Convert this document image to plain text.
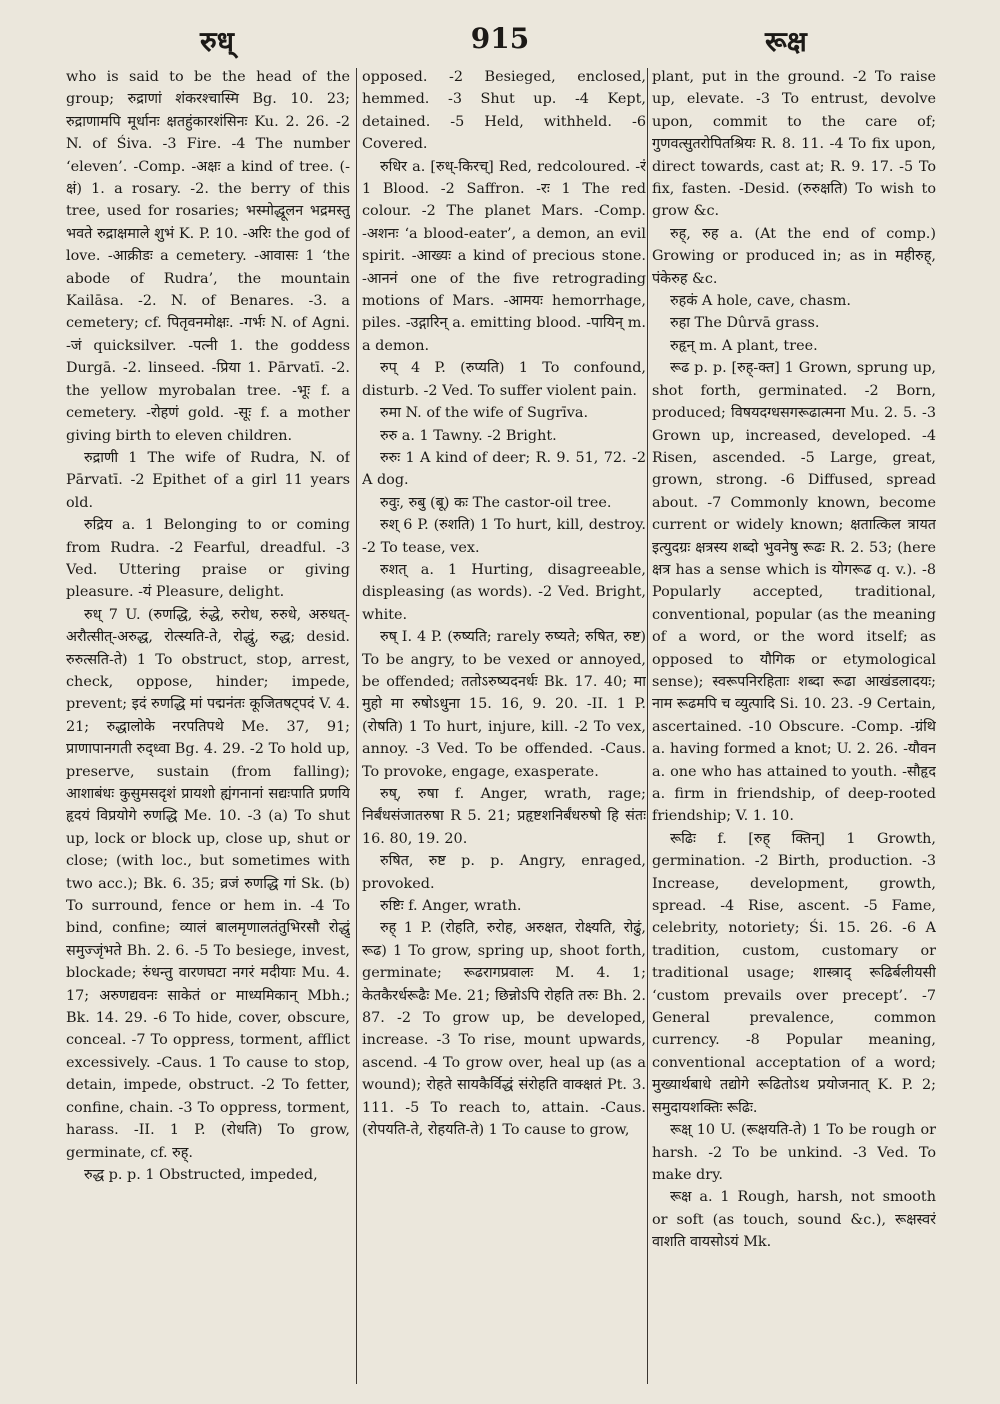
रुध्	915	रूक्ष

who is said to be the head of the group; रुद्राणां शंकरश्चास्मि Bg. 10. 23; रुद्राणामपि मूर्धानः क्षतहुंकारशंसिनः Ku. 2. 26. -2 N. of Śiva. -3 Fire. -4 The number ‘eleven’. -Comp. -अक्षः a kind of tree. (-क्षं) 1. a rosary. -2. the berry of this tree, used for rosaries; भस्मोद्धूलन भद्रमस्तु भवते रुद्राक्षमाले शुभं K. P. 10. -अरिः the god of love. -आक्रीडः a cemetery. -आवासः 1 ‘the abode of Rudra’, the mountain Kailāsa. -2. N. of Benares. -3. a cemetery; cf. पितृवनमोक्षः. -गर्भः N. of Agni. -जं quicksilver. -पत्नी 1. the goddess Durgā. -2. linseed. -प्रिया 1. Pārvatī. -2. the yellow myrobalan tree. -भूः f. a cemetery. -रोहणं gold. -सूः f. a mother giving birth to eleven children.

रुद्राणी 1 The wife of Rudra, N. of Pārvatī. -2 Epithet of a girl 11 years old.

रुद्रिय a. 1 Belonging to or coming from Rudra. -2 Fearful, dreadful. -3 Ved. Uttering praise or giving pleasure. -यं Pleasure, delight.

रुध् 7 U. (रुणद्धि, रुंद्धे, रुरोध, रुरुधे, अरुधत्-अरौत्सीत्-अरुद्ध, रोत्स्यति-ते, रोद्धुं, रुद्ध; desid. रुरुत्सति-ते) 1 To obstruct, stop, arrest, check, oppose, hinder; impede, prevent; इदं रुणद्धि मां पद्मनंतः कूजितषट्पदं V. 4. 21; रुद्धालोके नरपतिपथे Me. 37, 91; प्राणापानगती रुद्ध्वा Bg. 4. 29. -2 To hold up, preserve, sustain (from falling); आशाबंधः कुसुमसदृशं प्रायशो ह्यंगनानां सद्यःपाति प्रणयि हृदयं विप्रयोगे रुणद्धि Me. 10. -3 (a) To shut up, lock or block up, close up, shut or close; (with loc., but sometimes with two acc.); Bk. 6. 35; व्रजं रुणद्धि गां Sk. (b) To surround, fence or hem in. -4 To bind, confine; व्यालं बालमृणालतंतुभिरसौ रोद्धुं समुज्जृंभते Bh. 2. 6. -5 To besiege, invest, blockade; रुंधन्तु वारणघटा नगरं मदीयाः Mu. 4. 17; अरुणद्यवनः साकेतं or माध्यमिकान् Mbh.; Bk. 14. 29. -6 To hide, cover, obscure, conceal. -7 To oppress, torment, afflict excessively. -Caus. 1 To cause to stop, detain, impede, obstruct. -2 To fetter, confine, chain. -3 To oppress, torment, harass. -II. 1 P. (रोधति) To grow, germinate, cf. रुह्.

रुद्ध p. p. 1 Obstructed, impeded,

opposed. -2 Besieged, enclosed, hemmed. -3 Shut up. -4 Kept, detained. -5 Held, withheld. -6 Covered.

रुधिर a. [रुध्-किरच्] Red, redcoloured. -रं 1 Blood. -2 Saffron. -रः 1 The red colour. -2 The planet Mars. -Comp. -अशनः ‘a blood-eater’, a demon, an evil spirit. -आख्यः a kind of precious stone. -आननं one of the five retrograding motions of Mars. -आमयः hemorrhage, piles. -उद्गारिन् a. emitting blood. -पायिन् m. a demon.

रुप् 4 P. (रुप्यति) 1 To confound, disturb. -2 Ved. To suffer violent pain.

रुमा N. of the wife of Sugrīva.

रुरु a. 1 Tawny. -2 Bright.

रुरुः 1 A kind of deer; R. 9. 51, 72. -2 A dog.

रुवुः, रुबु (बू) कः The castor-oil tree.

रुश् 6 P. (रुशति) 1 To hurt, kill, destroy. -2 To tease, vex.

रुशत् a. 1 Hurting, disagreeable, displeasing (as words). -2 Ved. Bright, white.

रुष् I. 4 P. (रुष्यति; rarely रुष्यते; रुषित, रुष्ट) To be angry, to be vexed or annoyed, be offended; ततोऽरुष्यदनर्धः Bk. 17. 40; मा मुहो मा रुषोऽधुना 15. 16, 9. 20. -II. 1 P. (रोषति) 1 To hurt, injure, kill. -2 To vex, annoy. -3 Ved. To be offended. -Caus. To provoke, engage, exasperate.

रुष्, रुषा f. Anger, wrath, rage; निर्बंधसंजातरुषा R 5. 21; प्रहृष्टशनिर्बंधरुषो हि संतः 16. 80, 19. 20.

रुषित, रुष्ट p. p. Angry, enraged, provoked.

रुष्टिः f. Anger, wrath.

रुह् 1 P. (रोहति, रुरोह, अरुक्षत, रोक्ष्यति, रोढुं, रूढ) 1 To grow, spring up, shoot forth, germinate; रूढरागप्रवालः M. 4. 1; केतकैरर्धरूढैः Me. 21; छिन्नोऽपि रोहति तरुः Bh. 2. 87. -2 To grow up, be developed, increase. -3 To rise, mount upwards, ascend. -4 To grow over, heal up (as a wound); रोहते सायकैर्विद्धं संरोहति वाक्क्षतं Pt. 3. 111. -5 To reach to, attain. -Caus. (रोपयति-ते, रोहयति-ते) 1 To cause to grow,

plant, put in the ground. -2 To raise up, elevate. -3 To entrust, devolve upon, commit to the care of; गुणवत्सुतरोपितश्रियः R. 8. 11. -4 To fix upon, direct towards, cast at; R. 9. 17. -5 To fix, fasten. -Desid. (रुरुक्षति) To wish to grow &c.

रुह्, रुह a. (At the end of comp.) Growing or produced in; as in महीरुह्, पंकेरुह &c.

रुहकं A hole, cave, chasm.

रुहा The Dûrvā grass.

रुहृन् m. A plant, tree.

रूढ p. p. [रुह्-क्त] 1 Grown, sprung up, shot forth, germinated. -2 Born, produced; विषयदग्धसगरूढात्मना Mu. 2. 5. -3 Grown up, increased, developed. -4 Risen, ascended. -5 Large, great, grown, strong. -6 Diffused, spread about. -7 Commonly known, become current or widely known; क्षतात्किल त्रायत इत्युदग्रः क्षत्रस्य शब्दो भुवनेषु रूढः R. 2. 53; (here क्षत्र has a sense which is योगरूढ q. v.). -8 Popularly accepted, traditional, conventional, popular (as the meaning of a word, or the word itself; as opposed to यौगिक or etymological sense); स्वरूपनिरहिताः शब्दा रूढा आखंडलादयः; नाम रूढमपि च व्युत्पादि Si. 10. 23. -9 Certain, ascertained. -10 Obscure. -Comp. -ग्रंथि a. having formed a knot; U. 2. 26. -यौवन a. one who has attained to youth. -सौहृद a. firm in friendship, of deep-rooted friendship; V. 1. 10.

रूढिः f. [रुह् क्तिन्] 1 Growth, germination. -2 Birth, production. -3 Increase, development, growth, spread. -4 Rise, ascent. -5 Fame, celebrity, notoriety; Śi. 15. 26. -6 A tradition, custom, customary or traditional usage; शास्त्राद् रूढिर्बलीयसी ‘custom prevails over precept’. -7 General prevalence, common currency. -8 Popular meaning, conventional acceptation of a word; मुख्यार्थबाधे तद्योगे रूढितोऽथ प्रयोजनात् K. P. 2; समुदायशक्तिः रूढिः.

रूक्ष् 10 U. (रूक्षयति-ते) 1 To be rough or harsh. -2 To be unkind. -3 Ved. To make dry.

रूक्ष a. 1 Rough, harsh, not smooth or soft (as touch, sound &c.), रूक्षस्वरं वाशति वायसोऽयं Mk.
